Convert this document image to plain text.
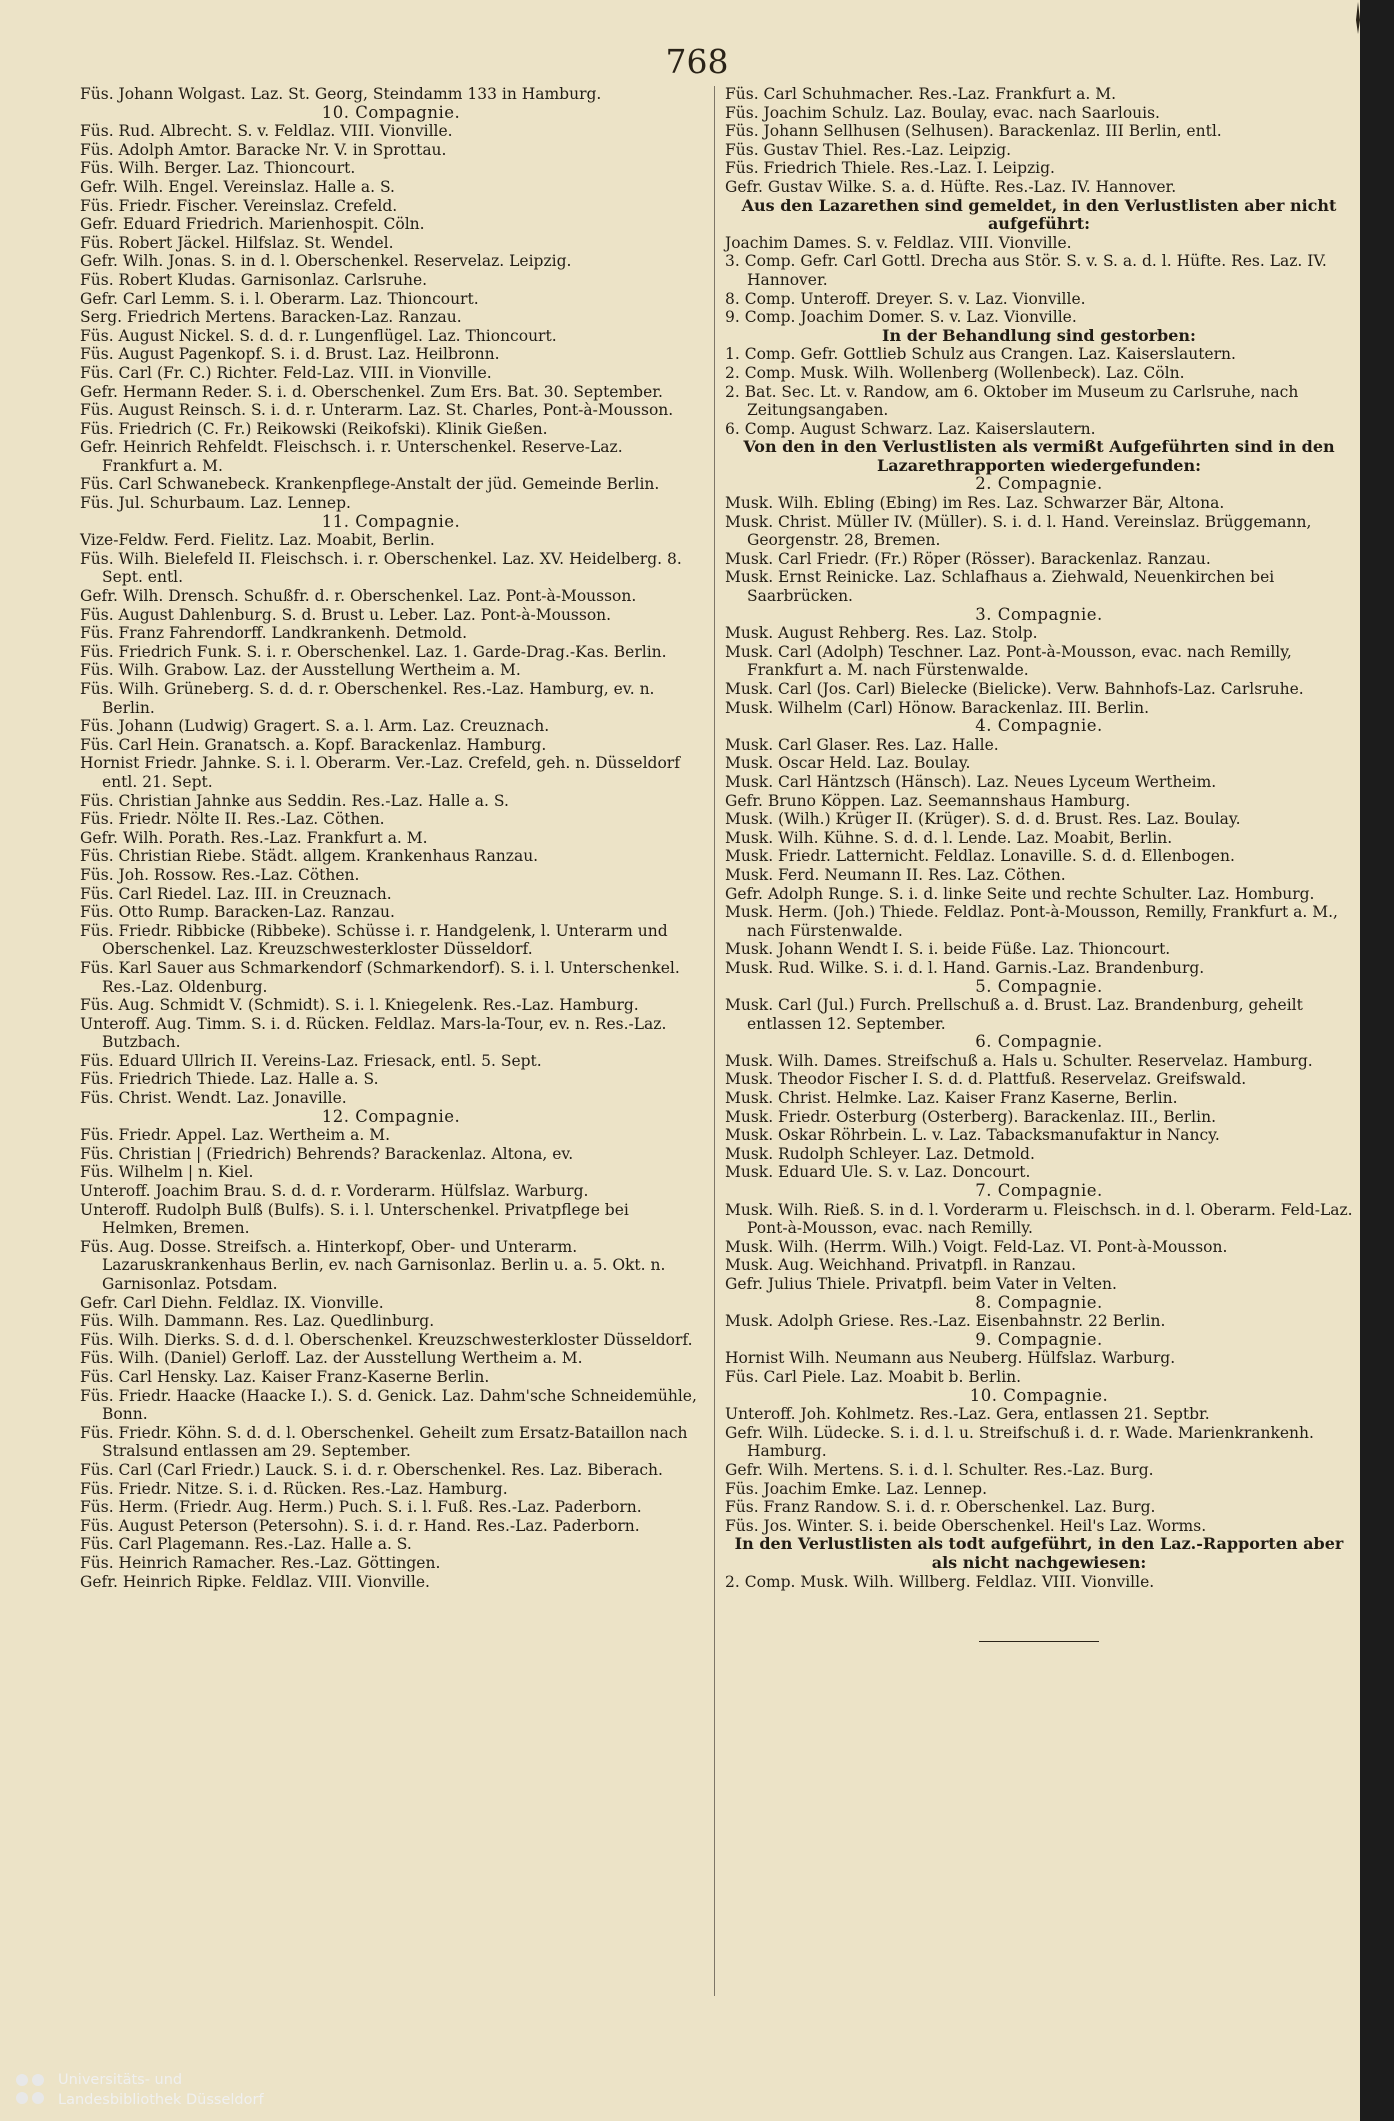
768

Füs. Johann Wolgast. Laz. St. Georg, Steindamm 133 in Hamburg.

10. Compagnie.

Füs. Rud. Albrecht. S. v. Feldlaz. VIII. Vionville.

Füs. Adolph Amtor. Baracke Nr. V. in Sprottau.

Füs. Wilh. Berger. Laz. Thioncourt.

Gefr. Wilh. Engel. Vereinslaz. Halle a. S.

Füs. Friedr. Fischer. Vereinslaz. Crefeld.

Gefr. Eduard Friedrich. Marienhospit. Cöln.

Füs. Robert Jäckel. Hilfslaz. St. Wendel.

Gefr. Wilh. Jonas. S. in d. l. Oberschenkel. Reservelaz. Leipzig.

Füs. Robert Kludas. Garnisonlaz. Carlsruhe.

Gefr. Carl Lemm. S. i. l. Oberarm. Laz. Thioncourt.

Serg. Friedrich Mertens. Baracken-Laz. Ranzau.

Füs. August Nickel. S. d. d. r. Lungenflügel. Laz. Thioncourt.

Füs. August Pagenkopf. S. i. d. Brust. Laz. Heilbronn.

Füs. Carl (Fr. C.) Richter. Feld-Laz. VIII. in Vionville.

Gefr. Hermann Reder. S. i. d. Oberschenkel. Zum Ers. Bat. 30. September.

Füs. August Reinsch. S. i. d. r. Unterarm. Laz. St. Charles, Pont-à-Mousson.

Füs. Friedrich (C. Fr.) Reikowski (Reikofski). Klinik Gießen.

Gefr. Heinrich Rehfeldt. Fleischsch. i. r. Unterschenkel. Reserve-Laz. Frankfurt a. M.

Füs. Carl Schwanebeck. Krankenpflege-Anstalt der jüd. Gemeinde Berlin.

Füs. Jul. Schurbaum. Laz. Lennep.

11. Compagnie.

Vize-Feldw. Ferd. Fielitz. Laz. Moabit, Berlin.

Füs. Wilh. Bielefeld II. Fleischsch. i. r. Oberschenkel. Laz. XV. Heidelberg. 8. Sept. entl.

Gefr. Wilh. Drensch. Schußfr. d. r. Oberschenkel. Laz. Pont-à-Mousson.

Füs. August Dahlenburg. S. d. Brust u. Leber. Laz. Pont-à-Mousson.

Füs. Franz Fahrendorff. Landkrankenh. Detmold.

Füs. Friedrich Funk. S. i. r. Oberschenkel. Laz. 1. Garde-Drag.-Kas. Berlin.

Füs. Wilh. Grabow. Laz. der Ausstellung Wertheim a. M.

Füs. Wilh. Grüneberg. S. d. d. r. Oberschenkel. Res.-Laz. Hamburg, ev. n. Berlin.

Füs. Johann (Ludwig) Gragert. S. a. l. Arm. Laz. Creuznach.

Füs. Carl Hein. Granatsch. a. Kopf. Barackenlaz. Hamburg.

Hornist Friedr. Jahnke. S. i. l. Oberarm. Ver.-Laz. Crefeld, geh. n. Düsseldorf entl. 21. Sept.

Füs. Christian Jahnke aus Seddin. Res.-Laz. Halle a. S.

Füs. Friedr. Nölte II. Res.-Laz. Cöthen.

Gefr. Wilh. Porath. Res.-Laz. Frankfurt a. M.

Füs. Christian Riebe. Städt. allgem. Krankenhaus Ranzau.

Füs. Joh. Rossow. Res.-Laz. Cöthen.

Füs. Carl Riedel. Laz. III. in Creuznach.

Füs. Otto Rump. Baracken-Laz. Ranzau.

Füs. Friedr. Ribbicke (Ribbeke). Schüsse i. r. Handgelenk, l. Unterarm und Oberschenkel. Laz. Kreuzschwesterkloster Düsseldorf.

Füs. Karl Sauer aus Schmarkendorf (Schmarkendorf). S. i. l. Unterschenkel. Res.-Laz. Oldenburg.

Füs. Aug. Schmidt V. (Schmidt). S. i. l. Kniegelenk. Res.-Laz. Hamburg.

Unteroff. Aug. Timm. S. i. d. Rücken. Feldlaz. Mars-la-Tour, ev. n. Res.-Laz. Butzbach.

Füs. Eduard Ullrich II. Vereins-Laz. Friesack, entl. 5. Sept.

Füs. Friedrich Thiede. Laz. Halle a. S.

Füs. Christ. Wendt. Laz. Jonaville.

12. Compagnie.

Füs. Friedr. Appel. Laz. Wertheim a. M.

Füs. Christian | (Friedrich) Behrends? Barackenlaz. Altona, ev.

Füs. Wilhelm | n. Kiel.

Unteroff. Joachim Brau. S. d. d. r. Vorderarm. Hülfslaz. Warburg.

Unteroff. Rudolph Bulß (Bulfs). S. i. l. Unterschenkel. Privatpflege bei Helmken, Bremen.

Füs. Aug. Dosse. Streifsch. a. Hinterkopf, Ober- und Unterarm. Lazaruskrankenhaus Berlin, ev. nach Garnisonlaz. Berlin u. a. 5. Okt. n. Garnisonlaz. Potsdam.

Gefr. Carl Diehn. Feldlaz. IX. Vionville.

Füs. Wilh. Dammann. Res. Laz. Quedlinburg.

Füs. Wilh. Dierks. S. d. d. l. Oberschenkel. Kreuzschwesterkloster Düsseldorf.

Füs. Wilh. (Daniel) Gerloff. Laz. der Ausstellung Wertheim a. M.

Füs. Carl Hensky. Laz. Kaiser Franz-Kaserne Berlin.

Füs. Friedr. Haacke (Haacke I.). S. d. Genick. Laz. Dahm'sche Schneidemühle, Bonn.

Füs. Friedr. Köhn. S. d. d. l. Oberschenkel. Geheilt zum Ersatz-Bataillon nach Stralsund entlassen am 29. September.

Füs. Carl (Carl Friedr.) Lauck. S. i. d. r. Oberschenkel. Res. Laz. Biberach.

Füs. Friedr. Nitze. S. i. d. Rücken. Res.-Laz. Hamburg.

Füs. Herm. (Friedr. Aug. Herm.) Puch. S. i. l. Fuß. Res.-Laz. Paderborn.

Füs. August Peterson (Petersohn). S. i. d. r. Hand. Res.-Laz. Paderborn.

Füs. Carl Plagemann. Res.-Laz. Halle a. S.

Füs. Heinrich Ramacher. Res.-Laz. Göttingen.

Gefr. Heinrich Ripke. Feldlaz. VIII. Vionville.

Füs. Carl Schuhmacher. Res.-Laz. Frankfurt a. M.

Füs. Joachim Schulz. Laz. Boulay, evac. nach Saarlouis.

Füs. Johann Sellhusen (Selhusen). Barackenlaz. III Berlin, entl.

Füs. Gustav Thiel. Res.-Laz. Leipzig.

Füs. Friedrich Thiele. Res.-Laz. I. Leipzig.

Gefr. Gustav Wilke. S. a. d. Hüfte. Res.-Laz. IV. Hannover.

Aus den Lazarethen sind gemeldet, in den Verlustlisten aber nicht aufgeführt:

Joachim Dames. S. v. Feldlaz. VIII. Vionville.

3. Comp. Gefr. Carl Gottl. Drecha aus Stör. S. v. S. a. d. l. Hüfte. Res. Laz. IV. Hannover.

8. Comp. Unteroff. Dreyer. S. v. Laz. Vionville.

9. Comp. Joachim Domer. S. v. Laz. Vionville.

In der Behandlung sind gestorben:

1. Comp. Gefr. Gottlieb Schulz aus Crangen. Laz. Kaiserslautern.

2. Comp. Musk. Wilh. Wollenberg (Wollenbeck). Laz. Cöln.

2. Bat. Sec. Lt. v. Randow, am 6. Oktober im Museum zu Carlsruhe, nach Zeitungsangaben.

6. Comp. August Schwarz. Laz. Kaiserslautern.

Von den in den Verlustlisten als vermißt Aufgeführten sind in den Lazarethrapporten wiedergefunden:

2. Compagnie.

Musk. Wilh. Ebling (Ebing) im Res. Laz. Schwarzer Bär, Altona.

Musk. Christ. Müller IV. (Müller). S. i. d. l. Hand. Vereinslaz. Brüggemann, Georgenstr. 28, Bremen.

Musk. Carl Friedr. (Fr.) Röper (Rösser). Barackenlaz. Ranzau.

Musk. Ernst Reinicke. Laz. Schlafhaus a. Ziehwald, Neuenkirchen bei Saarbrücken.

3. Compagnie.

Musk. August Rehberg. Res. Laz. Stolp.

Musk. Carl (Adolph) Teschner. Laz. Pont-à-Mousson, evac. nach Remilly, Frankfurt a. M. nach Fürstenwalde.

Musk. Carl (Jos. Carl) Bielecke (Bielicke). Verw. Bahnhofs-Laz. Carlsruhe.

Musk. Wilhelm (Carl) Hönow. Barackenlaz. III. Berlin.

4. Compagnie.

Musk. Carl Glaser. Res. Laz. Halle.

Musk. Oscar Held. Laz. Boulay.

Musk. Carl Häntzsch (Hänsch). Laz. Neues Lyceum Wertheim.

Gefr. Bruno Köppen. Laz. Seemannshaus Hamburg.

Musk. (Wilh.) Krüger II. (Krüger). S. d. d. Brust. Res. Laz. Boulay.

Musk. Wilh. Kühne. S. d. d. l. Lende. Laz. Moabit, Berlin.

Musk. Friedr. Latternicht. Feldlaz. Lonaville. S. d. d. Ellenbogen.

Musk. Ferd. Neumann II. Res. Laz. Cöthen.

Gefr. Adolph Runge. S. i. d. linke Seite und rechte Schulter. Laz. Homburg.

Musk. Herm. (Joh.) Thiede. Feldlaz. Pont-à-Mousson, Remilly, Frankfurt a. M., nach Fürstenwalde.

Musk. Johann Wendt I. S. i. beide Füße. Laz. Thioncourt.

Musk. Rud. Wilke. S. i. d. l. Hand. Garnis.-Laz. Brandenburg.

5. Compagnie.

Musk. Carl (Jul.) Furch. Prellschuß a. d. Brust. Laz. Brandenburg, geheilt entlassen 12. September.

6. Compagnie.

Musk. Wilh. Dames. Streifschuß a. Hals u. Schulter. Reservelaz. Hamburg.

Musk. Theodor Fischer I. S. d. d. Plattfuß. Reservelaz. Greifswald.

Musk. Christ. Helmke. Laz. Kaiser Franz Kaserne, Berlin.

Musk. Friedr. Osterburg (Osterberg). Barackenlaz. III., Berlin.

Musk. Oskar Röhrbein. L. v. Laz. Tabacksmanufaktur in Nancy.

Musk. Rudolph Schleyer. Laz. Detmold.

Musk. Eduard Ule. S. v. Laz. Doncourt.

7. Compagnie.

Musk. Wilh. Rieß. S. in d. l. Vorderarm u. Fleischsch. in d. l. Oberarm. Feld-Laz. Pont-à-Mousson, evac. nach Remilly.

Musk. Wilh. (Herrm. Wilh.) Voigt. Feld-Laz. VI. Pont-à-Mousson.

Musk. Aug. Weichhand. Privatpfl. in Ranzau.

Gefr. Julius Thiele. Privatpfl. beim Vater in Velten.

8. Compagnie.

Musk. Adolph Griese. Res.-Laz. Eisenbahnstr. 22 Berlin.

9. Compagnie.

Hornist Wilh. Neumann aus Neuberg. Hülfslaz. Warburg.

Füs. Carl Piele. Laz. Moabit b. Berlin.

10. Compagnie.

Unteroff. Joh. Kohlmetz. Res.-Laz. Gera, entlassen 21. Septbr.

Gefr. Wilh. Lüdecke. S. i. d. l. u. Streifschuß i. d. r. Wade. Marienkrankenh. Hamburg.

Gefr. Wilh. Mertens. S. i. d. l. Schulter. Res.-Laz. Burg.

Füs. Joachim Emke. Laz. Lennep.

Füs. Franz Randow. S. i. d. r. Oberschenkel. Laz. Burg.

Füs. Jos. Winter. S. i. beide Oberschenkel. Heil's Laz. Worms.

In den Verlustlisten als todt aufgeführt, in den Laz.-Rapporten aber als nicht nachgewiesen:

2. Comp. Musk. Wilh. Willberg. Feldlaz. VIII. Vionville.

Universitäts- und
Landesbibliothek Düsseldorf
